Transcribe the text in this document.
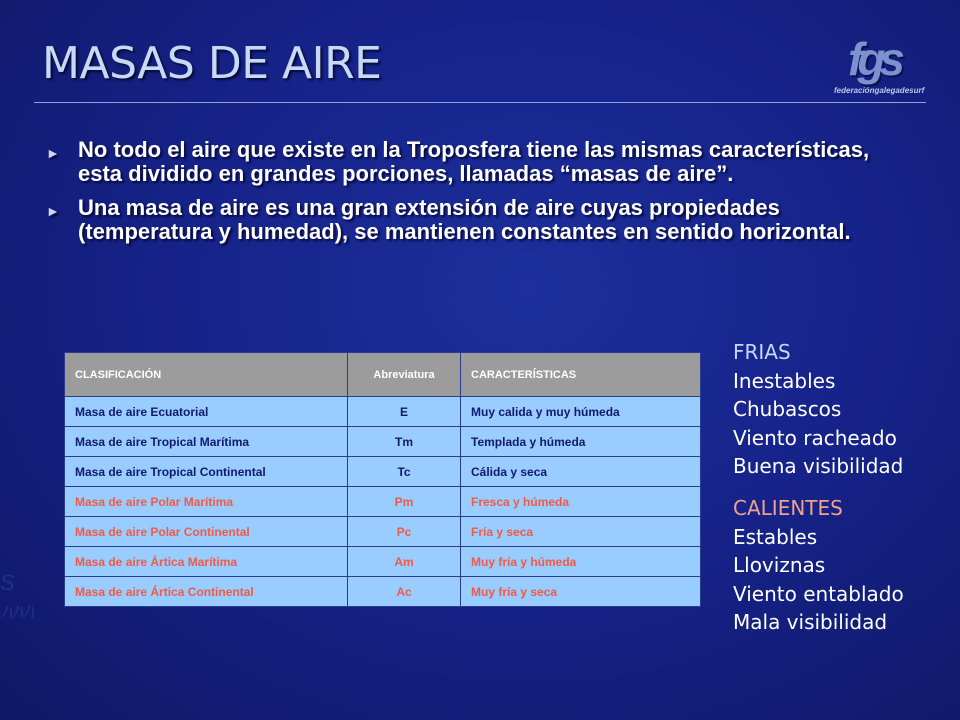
S
ﾊﾊﾊ
MASAS DE AIRE	fgs
federacióngalegadesurf
► No todo el aire que existe en la Troposfera tiene las mismas características, esta dividido en grandes porciones, llamadas “masas de aire”.
► Una masa de aire es una gran extensión de aire cuyas propiedades (temperatura y humedad), se mantienen constantes en sentido horizontal.
CLASIFICACIÓN	Abreviatura	CARACTERÍSTICAS
Masa de aire Ecuatorial	E	Muy calida y muy húmeda
Masa de aire Tropical Marítima	Tm	Templada y húmeda
Masa de aire Tropical Continental	Tc	Cálida y seca
Masa de aire Polar Marítima	Pm	Fresca y húmeda
Masa de aire Polar Continental	Pc	Fría y seca
Masa de aire Ártica Marítima	Am	Muy fría y húmeda
Masa de aire Ártica Continental	Ac	Muy fría y seca
FRIAS
Inestables
Chubascos
Viento racheado
Buena visibilidad
CALIENTES
Estables
Lloviznas
Viento entablado
Mala visibilidad
